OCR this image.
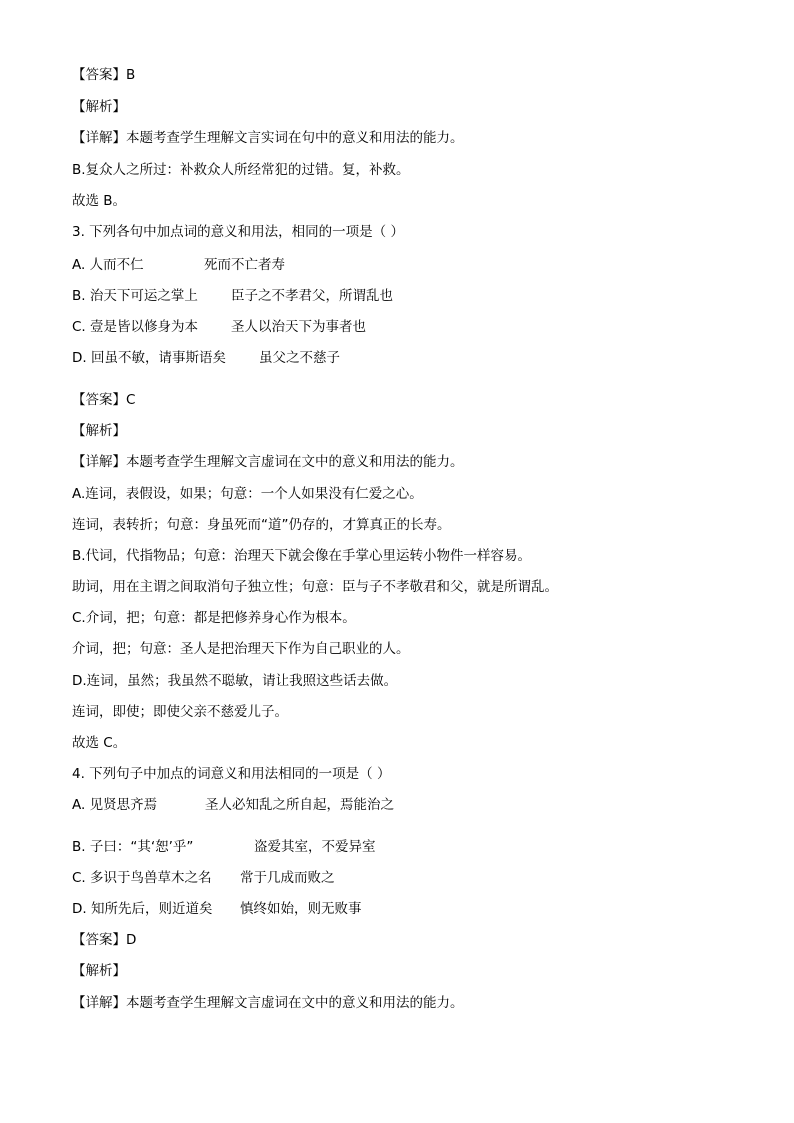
【答案】B
【解析】
【详解】本题考查学生理解文言实词在句中的意义和用法的能力。
B.复众人之所过：补救众人所经常犯的过错。复，补救。
故选 B。
3. 下列各句中加点词的意义和用法，相同的一项是（ ）
A. 人而不仁	死而不亡者寿
B. 治天下可运之掌上 臣子之不孝君父，所谓乱也
C. 壹是皆以修身为本 圣人以治天下为事者也
D. 回虽不敏，请事斯语矣 虽父之不慈子
【答案】C
【解析】
【详解】本题考查学生理解文言虚词在文中的意义和用法的能力。
A.连词，表假设，如果；句意：一个人如果没有仁爱之心。
连词，表转折；句意：身虽死而“道”仍存的，才算真正的长寿。
B.代词，代指物品；句意：治理天下就会像在手掌心里运转小物件一样容易。
助词，用在主谓之间取消句子独立性；句意：臣与子不孝敬君和父，就是所谓乱。
C.介词，把；句意：都是把修养身心作为根本。
介词，把；句意：圣人是把治理天下作为自己职业的人。
D.连词，虽然；我虽然不聪敏，请让我照这些话去做。
连词，即使；即使父亲不慈爱儿子。
故选 C。
4. 下列句子中加点的词意义和用法相同的一项是（ ）
A. 见贤思齐焉	圣人必知乱之所自起，焉能治之
B. 子曰：“其‘恕’乎”	盗爱其室，不爱异室
C. 多识于鸟兽草木之名 常于几成而败之
D. 知所先后，则近道矣 慎终如始，则无败事
【答案】D
【解析】
【详解】本题考查学生理解文言虚词在文中的意义和用法的能力。
